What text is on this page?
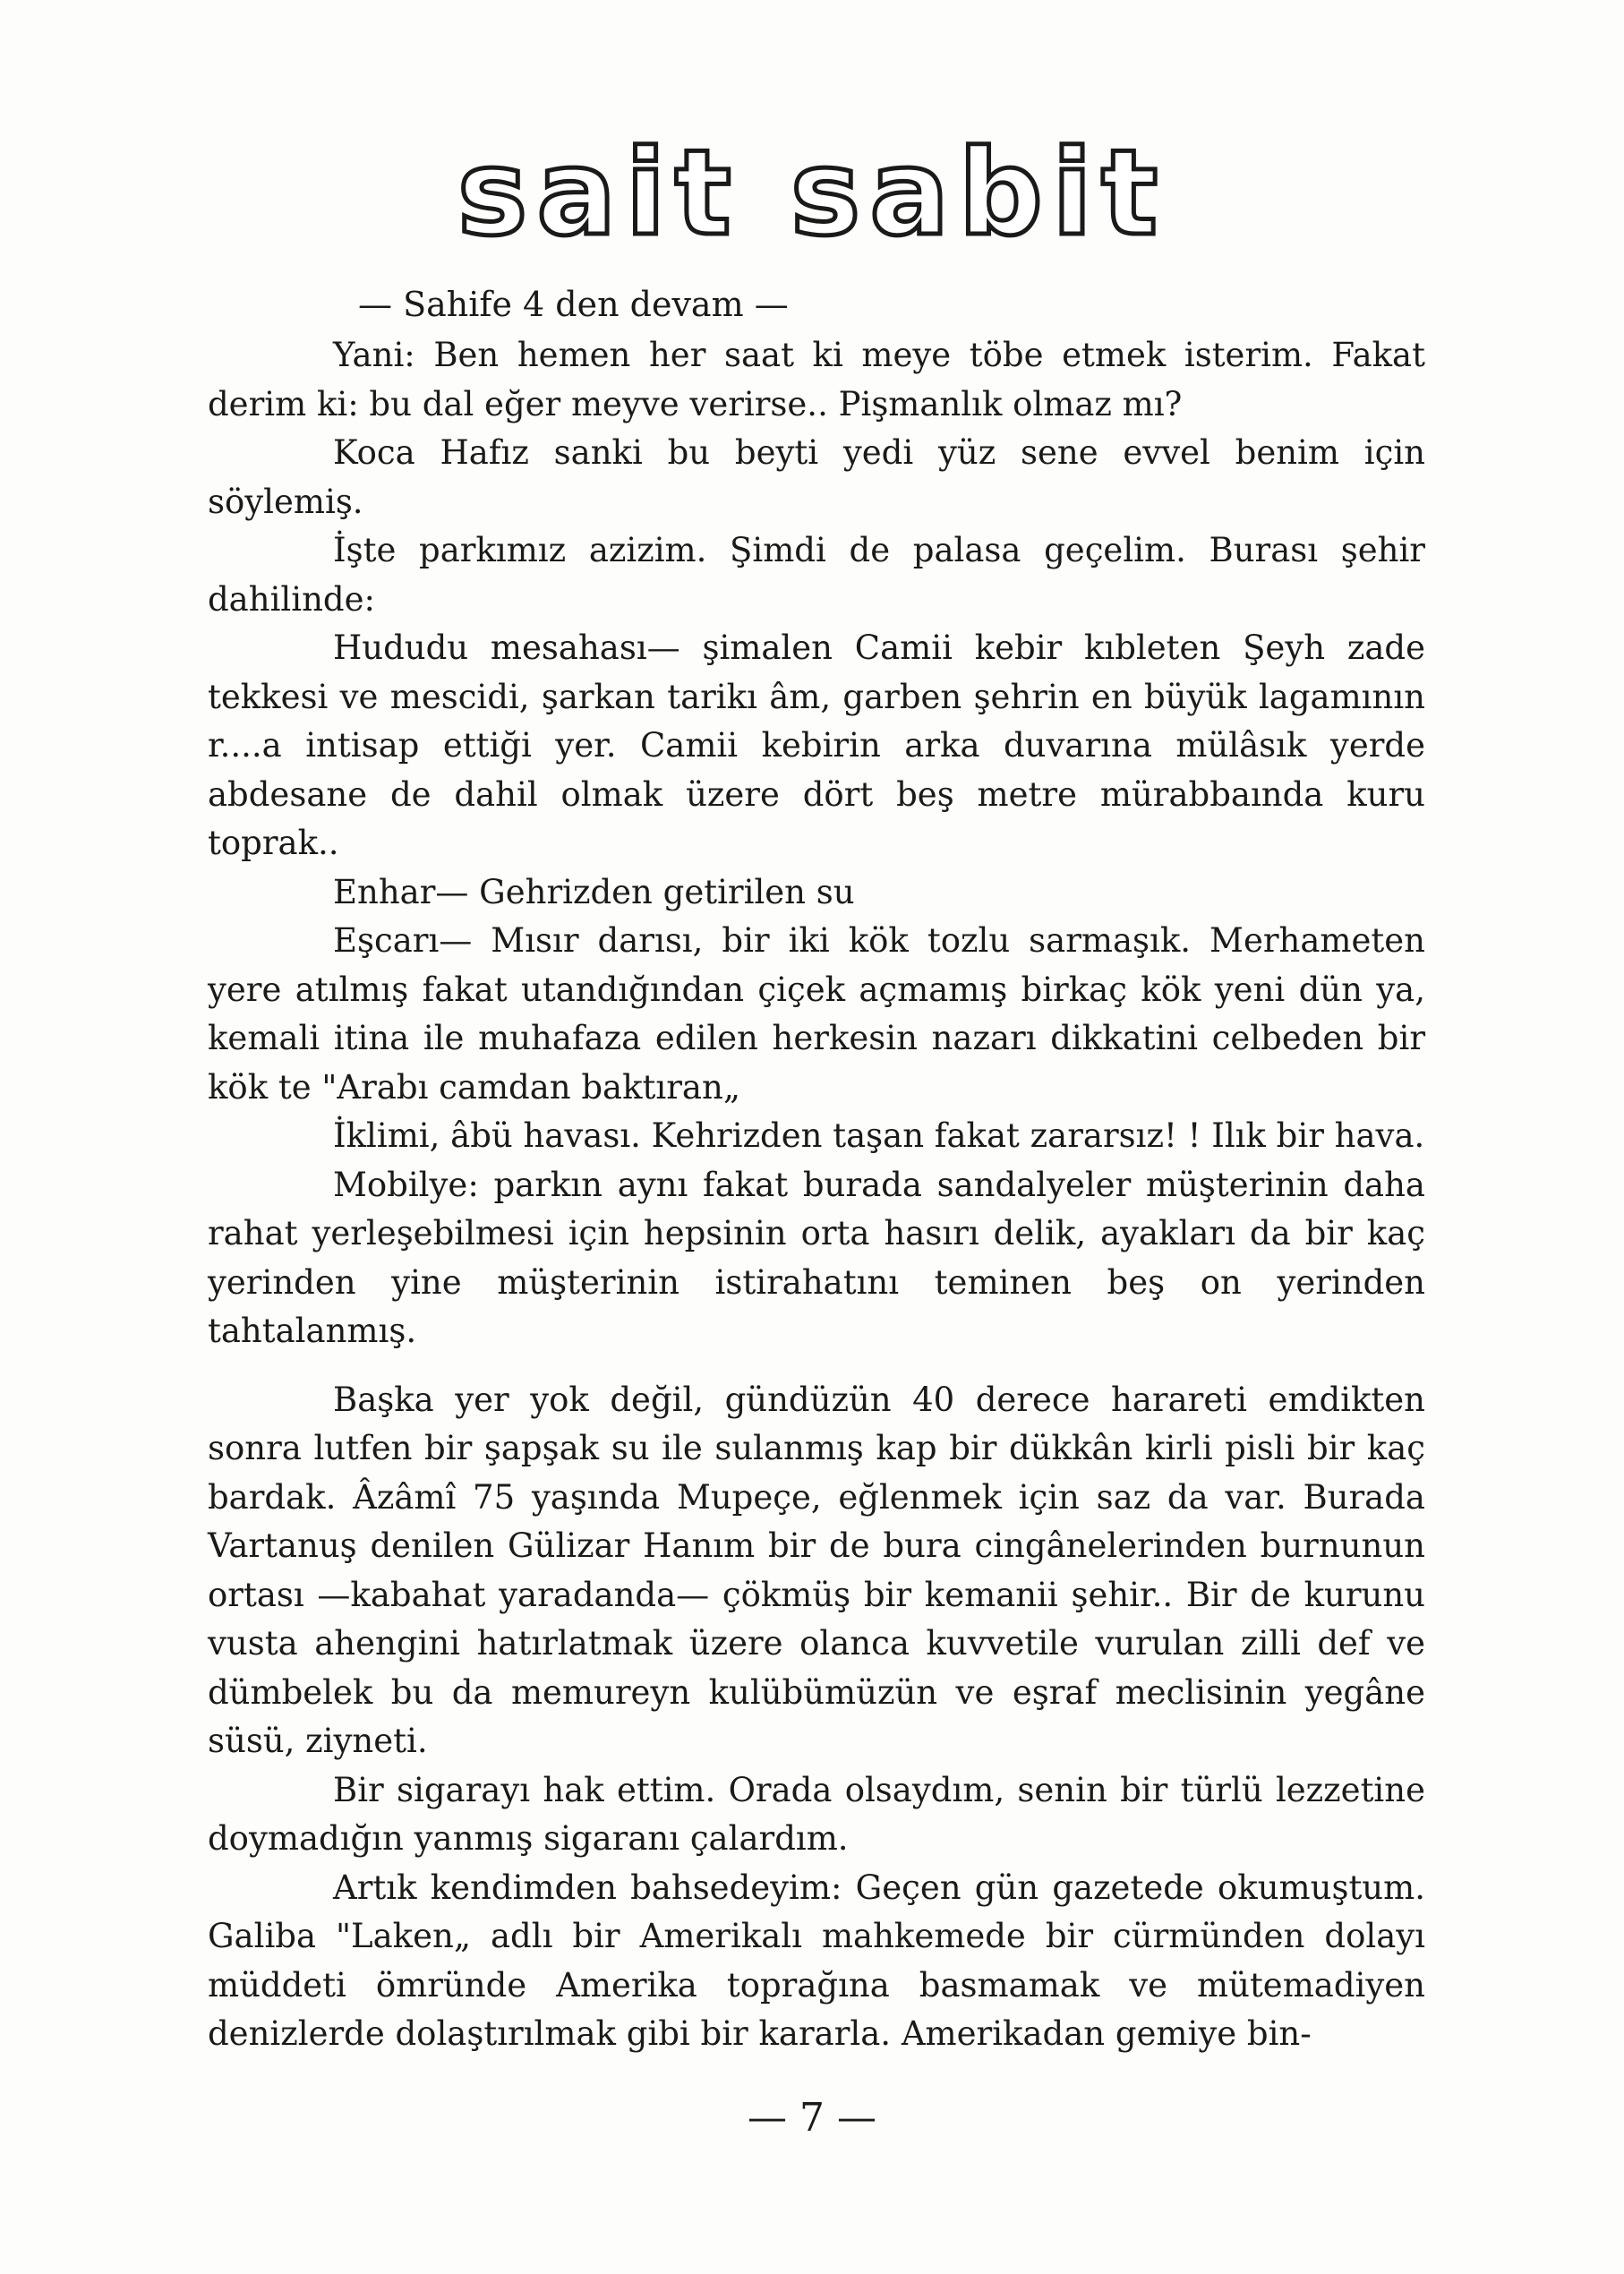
sait sabit
— Sahife 4 den devam —

Yani: Ben hemen her saat ki meye töbe etmek isterim. Fakat derim ki: bu dal eğer meyve verirse.. Pişmanlık olmaz mı?

Koca Hafız sanki bu beyti yedi yüz sene evvel benim için söylemiş.

İşte parkımız azizim. Şimdi de palasa geçelim. Burası şehir dahilinde:

Hududu mesahası— şimalen Camii kebir kıbleten Şeyh zade tekkesi ve mescidi, şarkan tarikı âm, garben şehrin en büyük lagamının r....a intisap ettiği yer. Camii kebirin arka duvarına mülâsık yerde abdesane de dahil olmak üzere dört beş metre mürabbaında kuru toprak..

Enhar— Gehrizden getirilen su

Eşcarı— Mısır darısı, bir iki kök tozlu sarmaşık. Merhameten yere atılmış fakat utandığından çiçek açmamış birkaç kök yeni dün ya, kemali itina ile muhafaza edilen herkesin nazarı dikkatini celbeden bir kök te "Arabı camdan baktıran„

İklimi, âbü havası. Kehrizden taşan fakat zararsız! ! Ilık bir hava.

Mobilye: parkın aynı fakat burada sandalyeler müşterinin daha rahat yerleşebilmesi için hepsinin orta hasırı delik, ayakları da bir kaç yerinden yine müşterinin istirahatını teminen beş on yerinden tahtalanmış.

Başka yer yok değil, gündüzün 40 derece harareti emdikten sonra lutfen bir şapşak su ile sulanmış kap bir dükkân kirli pisli bir kaç bardak. Âzâmî 75 yaşında Mupeçe, eğlenmek için saz da var. Burada Vartanuş denilen Gülizar Hanım bir de bura cingânelerinden burnunun ortası —kabahat yaradanda— çökmüş bir kemanii şehir.. Bir de kurunu vusta ahengini hatırlatmak üzere olanca kuvvetile vurulan zilli def ve dümbelek bu da memureyn kulübümüzün ve eşraf meclisinin yegâne süsü, ziyneti.

Bir sigarayı hak ettim. Orada olsaydım, senin bir türlü lezzetine doymadığın yanmış sigaranı çalardım.

Artık kendimden bahsedeyim: Geçen gün gazetede okumuştum. Galiba "Laken„ adlı bir Amerikalı mahkemede bir cürmünden dolayı müddeti ömründe Amerika toprağına basmamak ve mütemadiyen denizlerde dolaştırılmak gibi bir kararla. Amerikadan gemiye bin-

— 7 —
